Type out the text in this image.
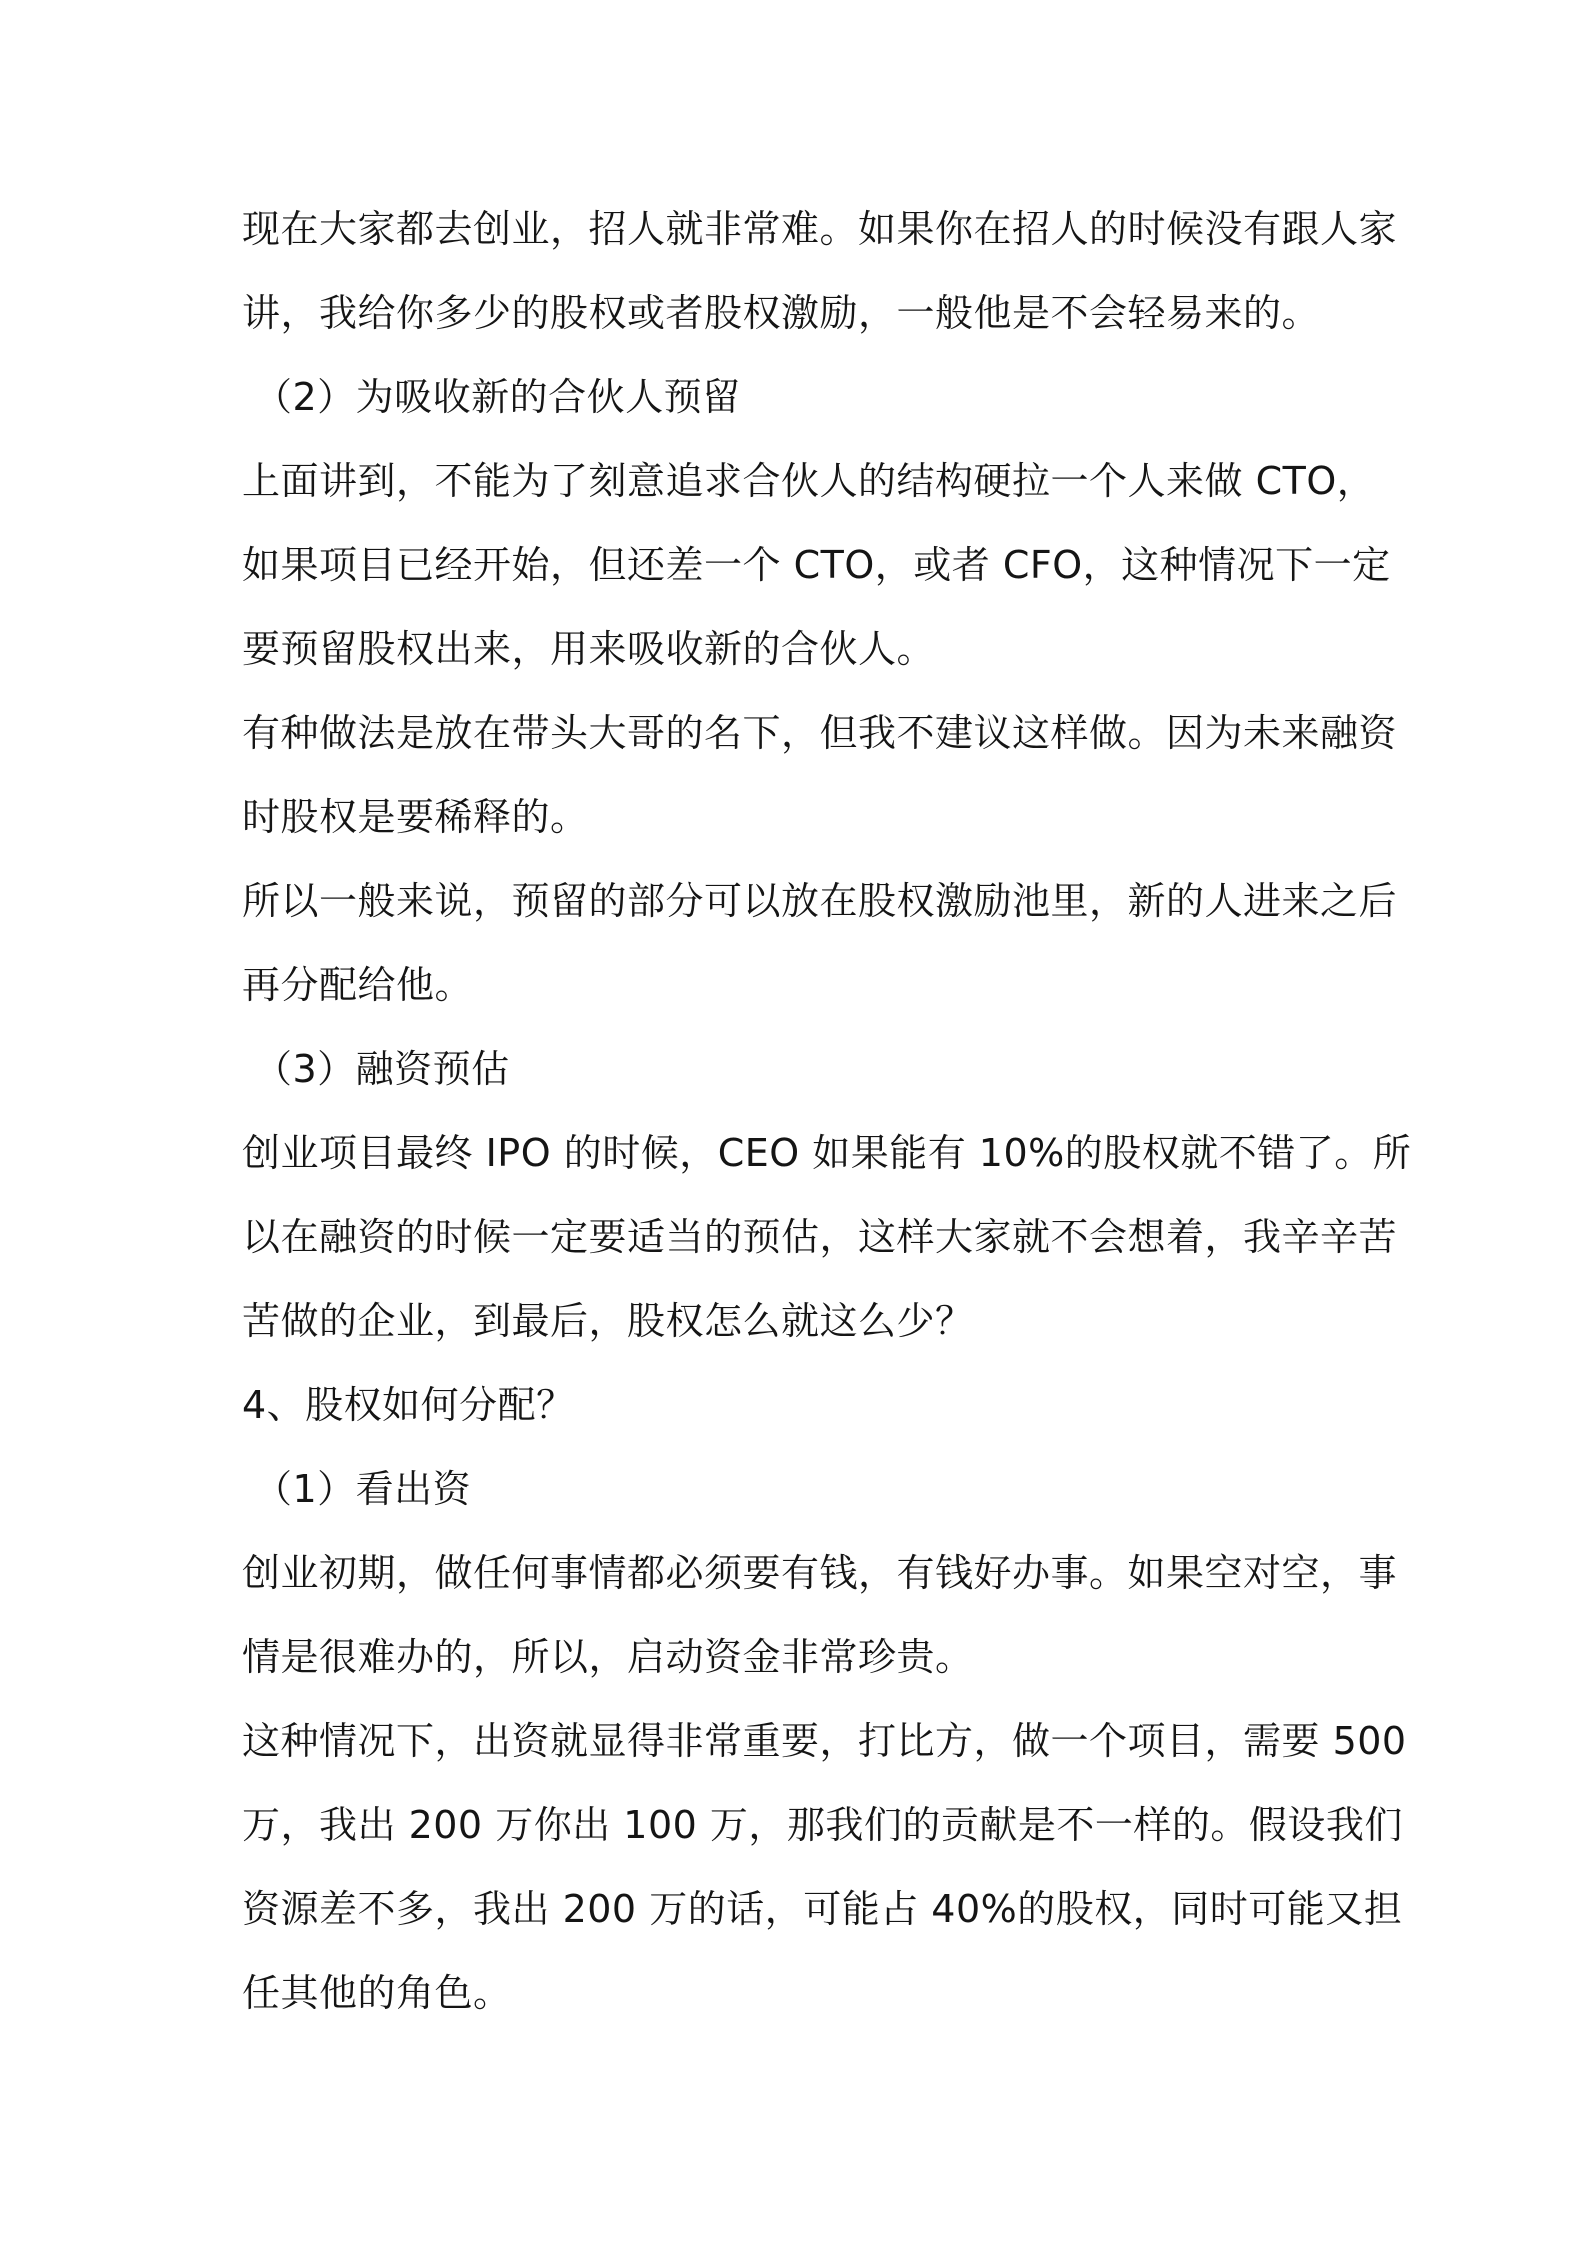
现在大家都去创业，招人就非常难。如果你在招人的时候没有跟人家
讲，我给你多少的股权或者股权激励，一般他是不会轻易来的。
（2）为吸收新的合伙人预留
上面讲到，不能为了刻意追求合伙人的结构硬拉一个人来做 CTO，
如果项目已经开始，但还差一个 CTO，或者 CFO，这种情况下一定
要预留股权出来，用来吸收新的合伙人。
有种做法是放在带头大哥的名下，但我不建议这样做。因为未来融资
时股权是要稀释的。
所以一般来说，预留的部分可以放在股权激励池里，新的人进来之后
再分配给他。
（3）融资预估
创业项目最终 IPO 的时候，CEO 如果能有 10%的股权就不错了。所
以在融资的时候一定要适当的预估，这样大家就不会想着，我辛辛苦
苦做的企业，到最后，股权怎么就这么少？
4、股权如何分配？
（1）看出资
创业初期，做任何事情都必须要有钱，有钱好办事。如果空对空，事
情是很难办的，所以，启动资金非常珍贵。
这种情况下，出资就显得非常重要，打比方，做一个项目，需要 500
万，我出 200 万你出 100 万，那我们的贡献是不一样的。假设我们
资源差不多，我出 200 万的话，可能占 40%的股权，同时可能又担
任其他的角色。
